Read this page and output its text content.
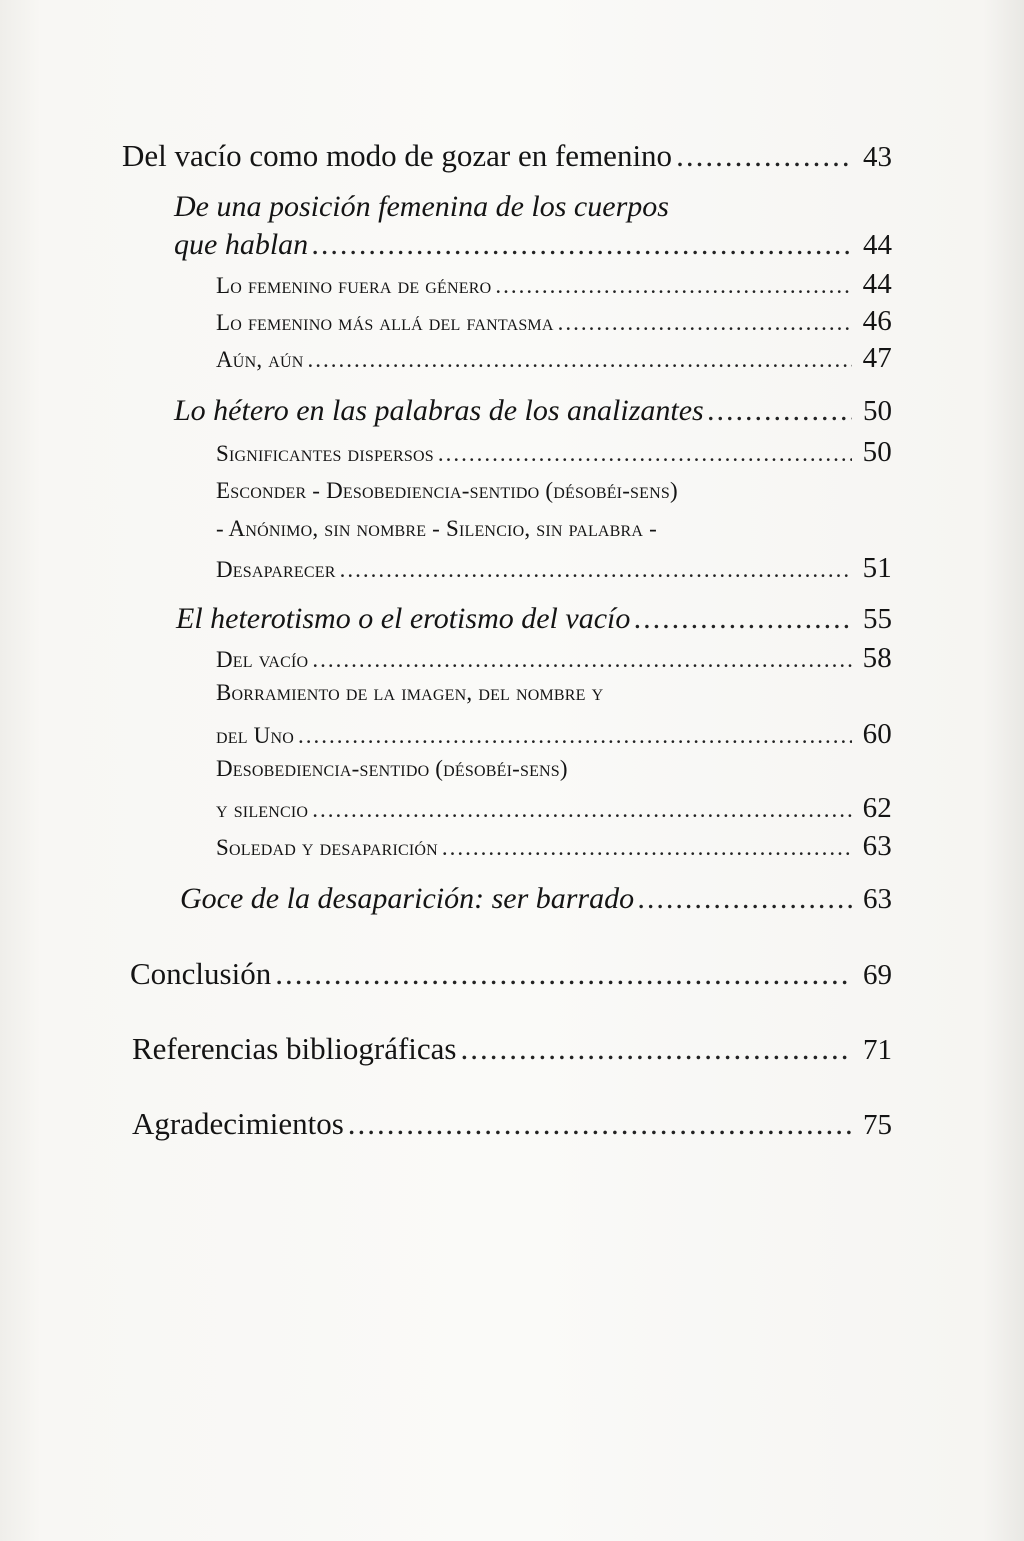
Del vacío como modo de gozar en femenino .....	43
De una posición femenina de los cuerpos
que hablan .....	44
Lo femenino fuera de género .....	44
Lo femenino más allá del fantasma .....	46
Aún, aún .....	47
Lo hétero en las palabras de los analizantes .....	50
Significantes dispersos .....	50
Esconder - Desobediencia-sentido (désobéi-sens)
- Anónimo, sin nombre - Silencio, sin palabra -
Desaparecer .....	51
El heterotismo o el erotismo del vacío .....	55
Del vacío .....	58
Borramiento de la imagen, del nombre y
del Uno .....	60
Desobediencia-sentido (désobéi-sens)
y silencio .....	62
Soledad y desaparición .....	63
Goce de la desaparición: ser barrado .....	63
Conclusión .....	69
Referencias bibliográficas .....	71
Agradecimientos .....	75
